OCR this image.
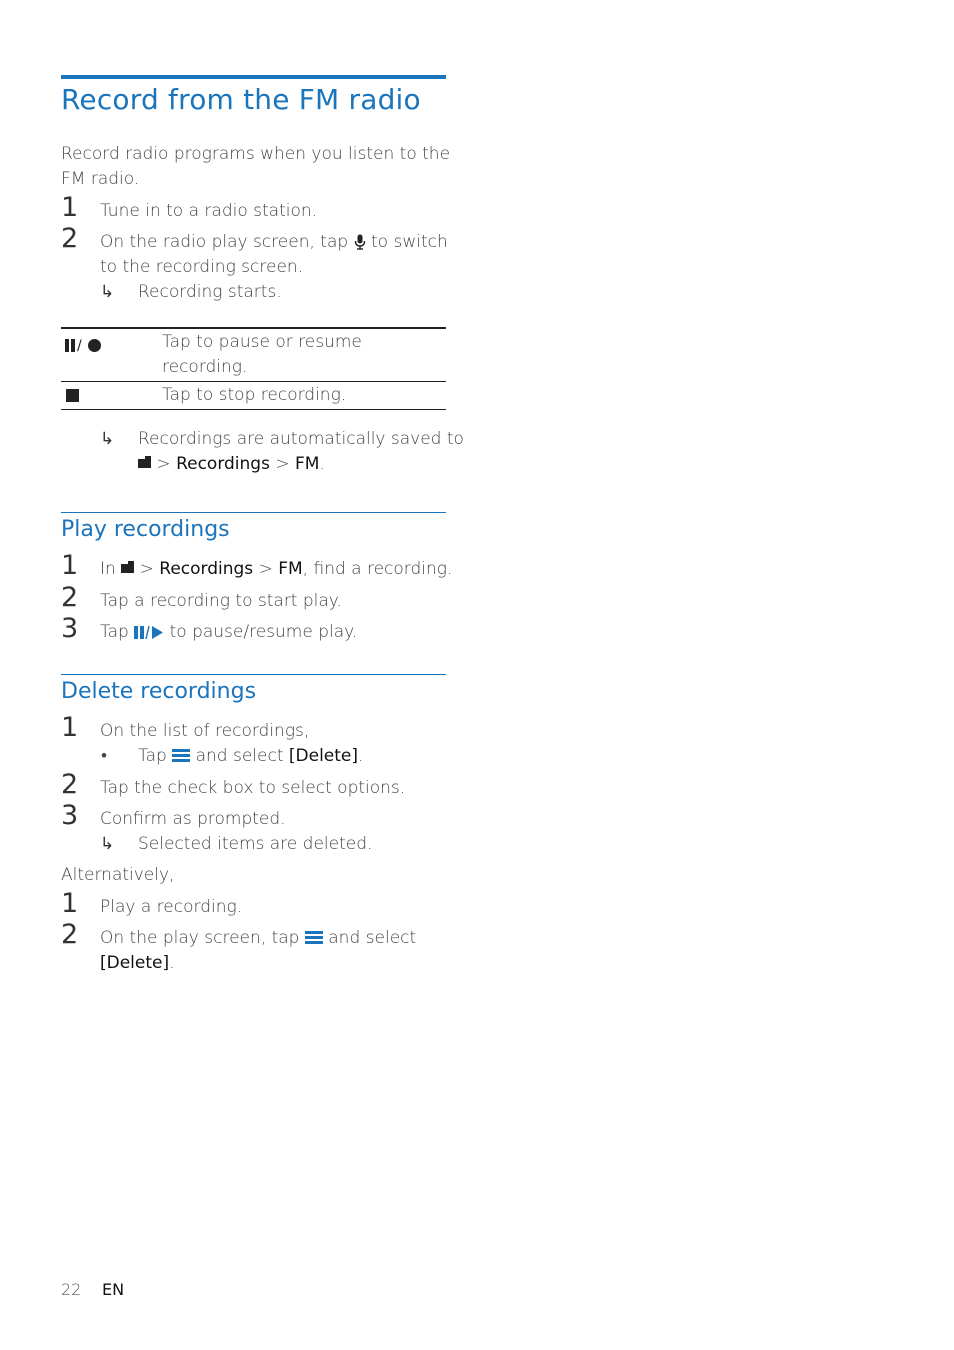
Record from the FM radio
Record radio programs when you listen to the
FM radio.
1 Tune in to a radio station.
2 On the radio play screen, tap to switch
to the recording screen.
↳ Recording starts.
/	Tap to pause or resume
recording.
Tap to stop recording.
↳ Recordings are automatically saved to
> Recordings > FM.
Play recordings
1 In > Recordings > FM, find a recording.
2 Tap a recording to start play.
3 Tap to pause/resume play.
Delete recordings
1 On the list of recordings,
• Tap and select [Delete].
2 Tap the check box to select options.
3 Confirm as prompted.
↳ Selected items are deleted.
Alternatively,
1 Play a recording.
2 On the play screen, tap and select
[Delete].
22 EN
